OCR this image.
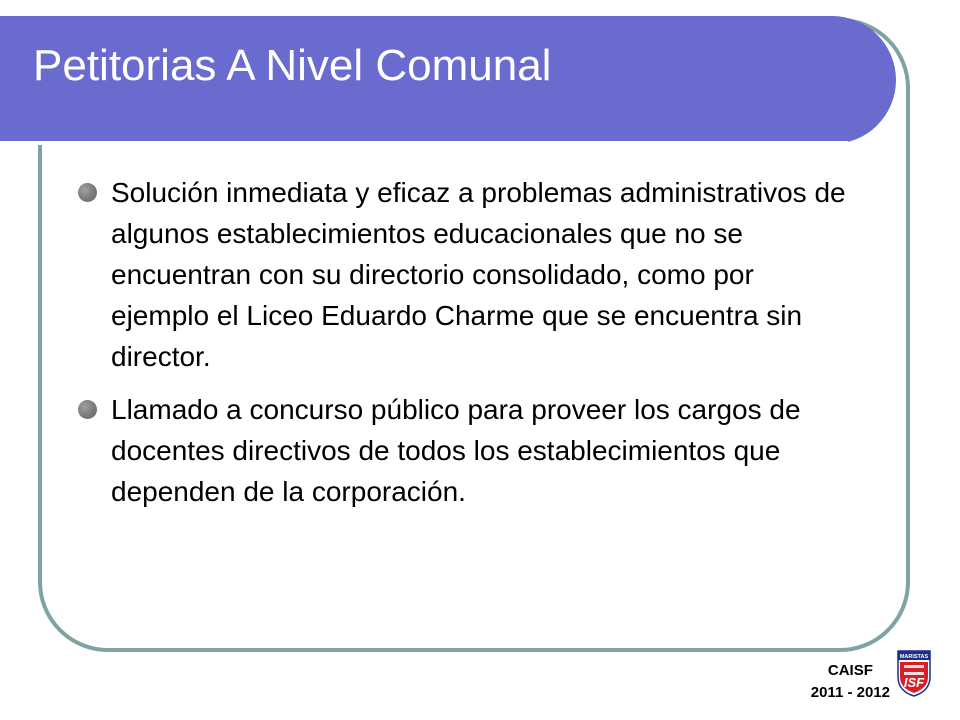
Petitorias A Nivel Comunal
Solución inmediata y eficaz a problemas administrativos de algunos establecimientos educacionales que no se encuentran con su directorio consolidado, como por ejemplo el Liceo Eduardo Charme que se encuentra sin director.
Llamado a concurso público para proveer los cargos de docentes directivos de todos los establecimientos que dependen de la corporación.
CAISF
2011 - 2012
MARISTAS
ISF
